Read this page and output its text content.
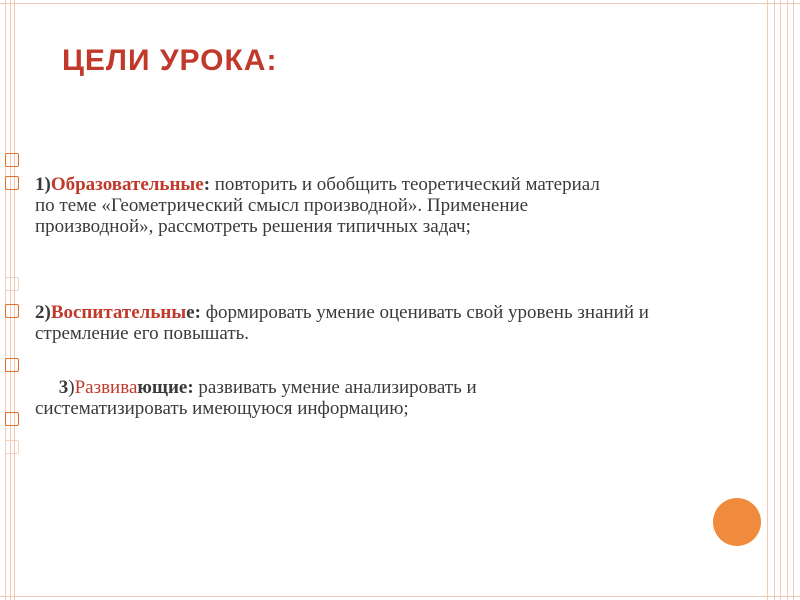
ЦЕЛИ УРОКА:
1)Образовательные: повторить и обобщить теоретический материал по теме «Геометрический смысл производной». Применение производной», рассмотреть решения типичных задач;
2)Воспитательные: формировать умение оценивать свой уровень знаний и стремление его повышать.

3)Развивающие: развивать умение анализировать и систематизировать имеющуюся информацию;
